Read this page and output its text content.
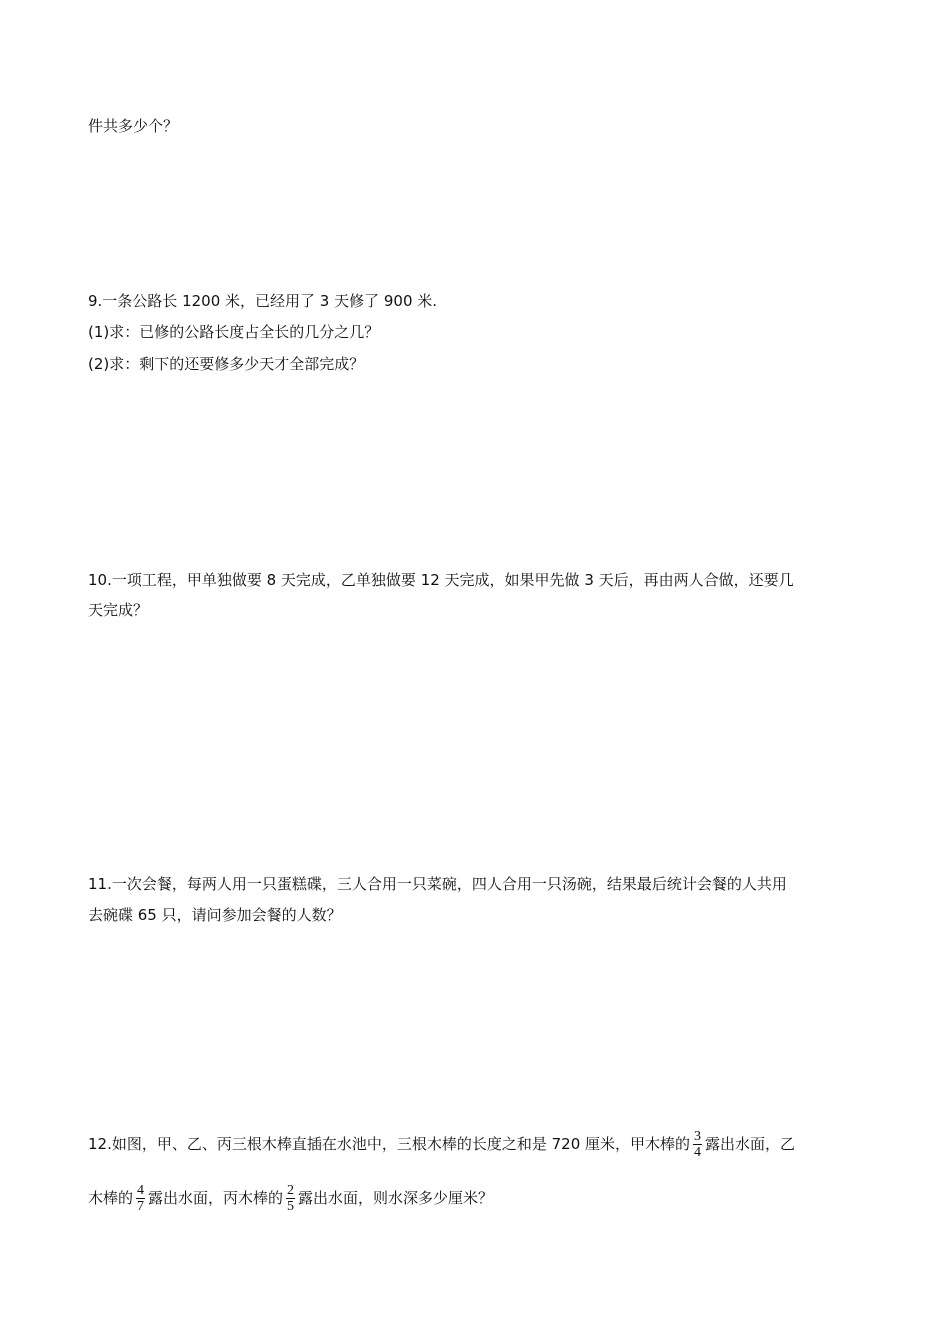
件共多少个？
9.一条公路长 1200 米，已经用了 3 天修了 900 米.
(1)求：已修的公路长度占全长的几分之几？
(2)求：剩下的还要修多少天才全部完成？
10.一项工程，甲单独做要 8 天完成，乙单独做要 12 天完成，如果甲先做 3 天后，再由两人合做，还要几
天完成？
11.一次会餐，每两人用一只蛋糕碟，三人合用一只菜碗，四人合用一只汤碗，结果最后统计会餐的人共用
去碗碟 65 只，请问参加会餐的人数？
12.如图，甲、乙、丙三根木棒直插在水池中，三根木棒的长度之和是 720 厘米，甲木棒的 $\frac{3}{4}$ 露出水面，乙
木棒的 $\frac{4}{7}$ 露出水面，丙木棒的 $\frac{2}{5}$ 露出水面，则水深多少厘米？
